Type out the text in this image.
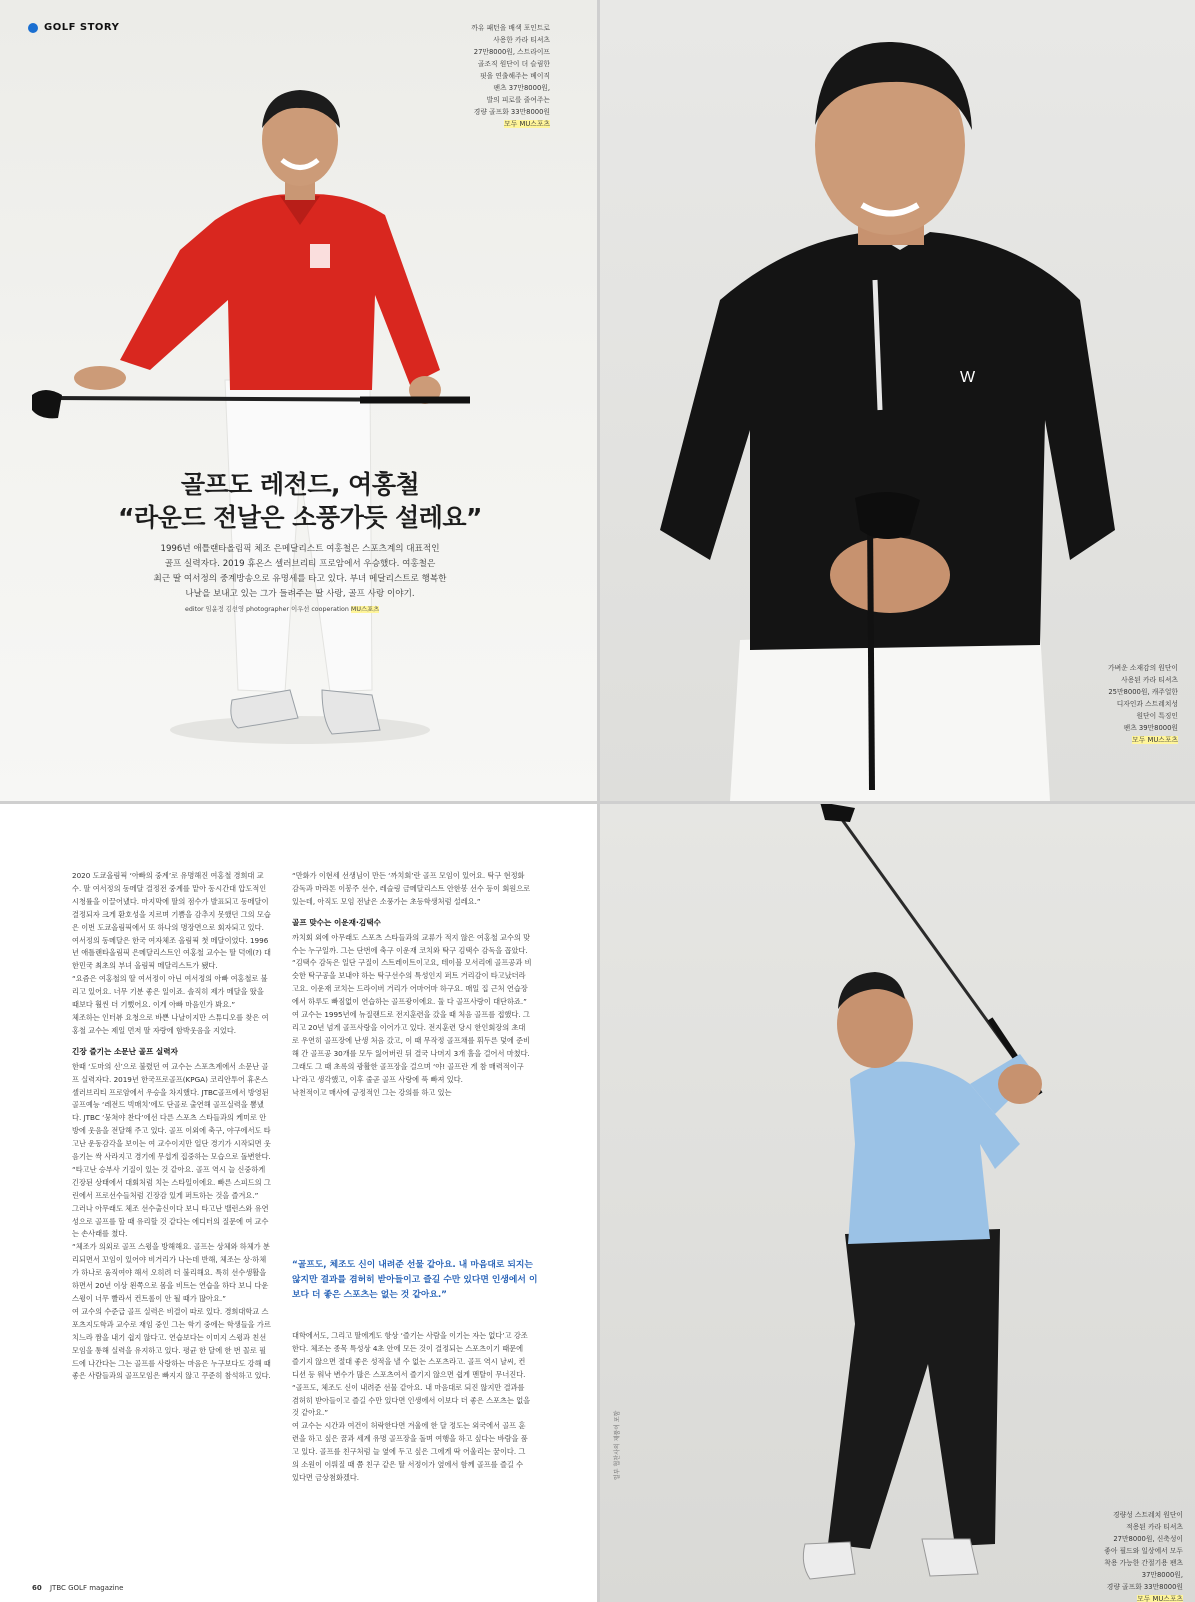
GOLF STORY	까유 패턴을 배색 포인트로
사용한 카라 티셔츠
27만8000원, 스트라이프
골조직 원단이 더 슬림한
핏을 연출해주는 베이직
팬츠 37만8000원,
발의 피로를 줄여주는
경량 골프화 33만8000원
모두 MU스포츠
골프도 레전드, 여홍철
“라운드 전날은 소풍가듯 설레요”
1996년 애틀랜타올림픽 체조 은메달리스트 여홍철은 스포츠계의 대표적인
골프 실력자다. 2019 휴온스 셀러브리티 프로암에서 우승했다. 여홍철은
최근 딸 여서정의 중계방송으로 유명세를 타고 있다. 부녀 메달리스트로 행복한
나날을 보내고 있는 그가 들려주는 딸 사랑, 골프 사랑 이야기.
editor 임윤정 김선영 photographer 이우선 cooperation MU스포츠
W
가벼운 소재감의 원단이
사용된 카라 티셔츠
25만8000원, 캐주얼한
디자인과 스트레치성
원단이 특징인
팬츠 39만8000원
모두 MU스포츠

2020 도쿄올림픽 ‘아빠의 중계’로 유명해진 여홍철 경희대 교수. 딸 여서정의 동메달 결정전 중계를 맡아 동시간대 압도적인 시청률을 이끌어냈다. 마지막에 딸의 점수가 발표되고 동메달이 결정되자 크게 환호성을 지르며 기쁨을 감추지 못했던 그의 모습은 이번 도쿄올림픽에서 또 하나의 명장면으로 회자되고 있다. 여서정의 동메달은 한국 여자체조 올림픽 첫 메달이었다. 1996년 애틀랜타올림픽 은메달리스트인 여홍철 교수는 딸 덕에(?) 대한민국 최초의 부녀 올림픽 메달리스트가 됐다.

“요즘은 여홍철의 딸 여서정이 아닌 여서정의 아빠 여홍철로 불리고 있어요. 너무 기분 좋은 일이죠. 솔직히 제가 메달을 땄을 때보다 훨씬 더 기뻤어요. 이게 아빠 마음인가 봐요.”

체조하는 인터뷰 요청으로 바쁜 나날이지만 스튜디오를 찾은 여홍철 교수는 제일 먼저 딸 자랑에 함박웃음을 지었다.

긴장 즐기는 소문난 골프 실력자

한때 ‘도마의 신’으로 불렸던 여 교수는 스포츠계에서 소문난 골프 실력자다. 2019년 한국프로골프(KPGA) 코리안투어 휴온스 셀러브리티 프로암에서 우승을 차지했다. JTBC골프에서 방영된 골프예능 ‘레전드 빅매치’에도 단골로 출연해 골프실력을 뽐냈다. JTBC ‘뭉쳐야 찬다’에선 다른 스포츠 스타들과의 케미로 안방에 웃음을 전달해 주고 있다. 골프 이외에 축구, 야구에서도 타고난 운동감각을 보이는 여 교수이지만 일단 경기가 시작되면 웃음기는 싹 사라지고 경기에 무섭게 집중하는 모습으로 돌변한다.

“타고난 승부사 기질이 있는 것 같아요. 골프 역시 늘 신중하게 긴장된 상태에서 대회처럼 치는 스타일이에요. 빠른 스피드의 그린에서 프로선수들처럼 긴장감 있게 퍼트하는 것을 즐겨요.”

그러나 아무래도 체조 선수출신이다 보니 타고난 밸런스와 유연성으로 골프를 할 때 유리할 것 같다는 에디터의 질문에 여 교수는 손사래를 쳤다.

“체조가 의외로 골프 스윙을 방해해요. 골프는 상체와 하체가 분리되면서 꼬임이 있어야 비거리가 나는데 반해, 체조는 상·하체가 하나로 움직여야 해서 오히려 더 불리해요. 특히 선수생활을 하면서 20년 이상 왼쪽으로 몸을 비트는 연습을 하다 보니 다운스윙이 너무 빨라서 컨트롤이 안 될 때가 많아요.”

여 교수의 수준급 골프 실력은 비결이 따로 있다. 경희대학교 스포츠지도학과 교수로 재임 중인 그는 학기 중에는 학생들을 가르치느라 짬을 내기 쉽지 않다고. 연습보다는 이미지 스윙과 친선모임을 통해 실력을 유지하고 있다. 평균 한 달에 한 번 꼴로 필드에 나간다는 그는 골프를 사랑하는 마음은 누구보다도 강해 때 좋은 사람들과의 골프모임은 빠지지 않고 꾸준히 참석하고 있다.

“만화가 이현세 선생님이 만든 ‘까치회’란 골프 모임이 있어요. 탁구 현정화 감독과 마라톤 이봉주 선수, 레슬링 금메달리스트 안한봉 선수 등이 회원으로 있는데, 아직도 모임 전날은 소풍가는 초등학생처럼 설레요.”

골프 맞수는 이운재·김택수

까치회 외에 아무래도 스포츠 스타들과의 교류가 적지 않은 여홍철 교수의 맞수는 누구일까. 그는 단번에 축구 이운재 코치와 탁구 김택수 감독을 꼽았다.

“김택수 감독은 일단 구질이 스트레이트이고요, 테이블 모서리에 골프공과 비슷한 탁구공을 보내야 하는 탁구선수의 특성인지 퍼트 거리감이 타고났더라고요. 이운재 코치는 드라이버 거리가 어마어마 하구요. 매일 집 근처 연습장에서 하루도 빠짐없이 연습하는 골프광이에요. 둘 다 골프사랑이 대단하죠.”

여 교수는 1995년에 뉴질랜드로 전지훈련을 갔을 때 처음 골프를 접했다. 그리고 20년 넘게 골프사랑을 이어가고 있다. 전지훈련 당시 한인회장의 초대로 우연히 골프장에 난생 처음 갔고, 이 때 무작정 골프채를 휘두른 덫에 준비해 간 골프공 30개를 모두 잃어버린 뒤 결국 나머지 3개 홀을 걸어서 마쳤다. 그래도 그 때 초록의 광활한 골프장을 걸으며 ‘야! 골프란 게 참 매력적이구나’라고 생각했고, 이후 줄곧 골프 사랑에 푹 빠져 있다.

낙천적이고 매사에 긍정적인 그는 강의를 하고 있는

“골프도, 체조도 신이 내려준 선물 같아요. 내 마음대로 되지는 않지만 결과를 겸허히 받아들이고 즐길 수만 있다면 인생에서 이보다 더 좋은 스포츠는 없는 것 같아요.”

대학에서도, 그리고 딸에게도 항상 ‘즐기는 사람을 이기는 자는 없다’고 강조한다. 체조는 종목 특성상 4초 안에 모든 것이 결정되는 스포츠이기 때문에 즐기지 않으면 절대 좋은 성적을 낼 수 없는 스포츠라고. 골프 역시 날씨, 컨디션 등 워낙 변수가 많은 스포츠여서 즐기지 않으면 쉽게 멘탈이 무너진다.

“골프도, 체조도 신이 내려준 선물 같아요. 내 마음대로 되진 않지만 결과를 겸허히 받아들이고 즐길 수만 있다면 인생에서 이보다 더 좋은 스포츠는 없을 것 같아요.”

여 교수는 시간과 여건이 허락한다면 겨울에 한 달 정도는 외국에서 골프 훈련을 하고 싶은 꿈과 세계 유명 골프장을 돌며 여행을 하고 싶다는 바람을 품고 있다. 골프를 친구처럼 늘 옆에 두고 싶은 그에게 딱 어울리는 꿈이다. 그의 소원이 이뤄질 때 쯤 친구 같은 딸 서정이가 옆에서 함께 골프를 즐길 수 있다면 금상첨화겠다.

60 JTBC GOLF magazine
경량성 스트레치 원단이
적용된 카라 티셔츠
27만8000원, 신축성이
좋아 필드와 일상에서 모두
착용 가능한 간절기용 팬츠
37만8000원,
경량 골프화 33만8000원
모두 MU스포츠
일부 협찬사의 제품이 포함
